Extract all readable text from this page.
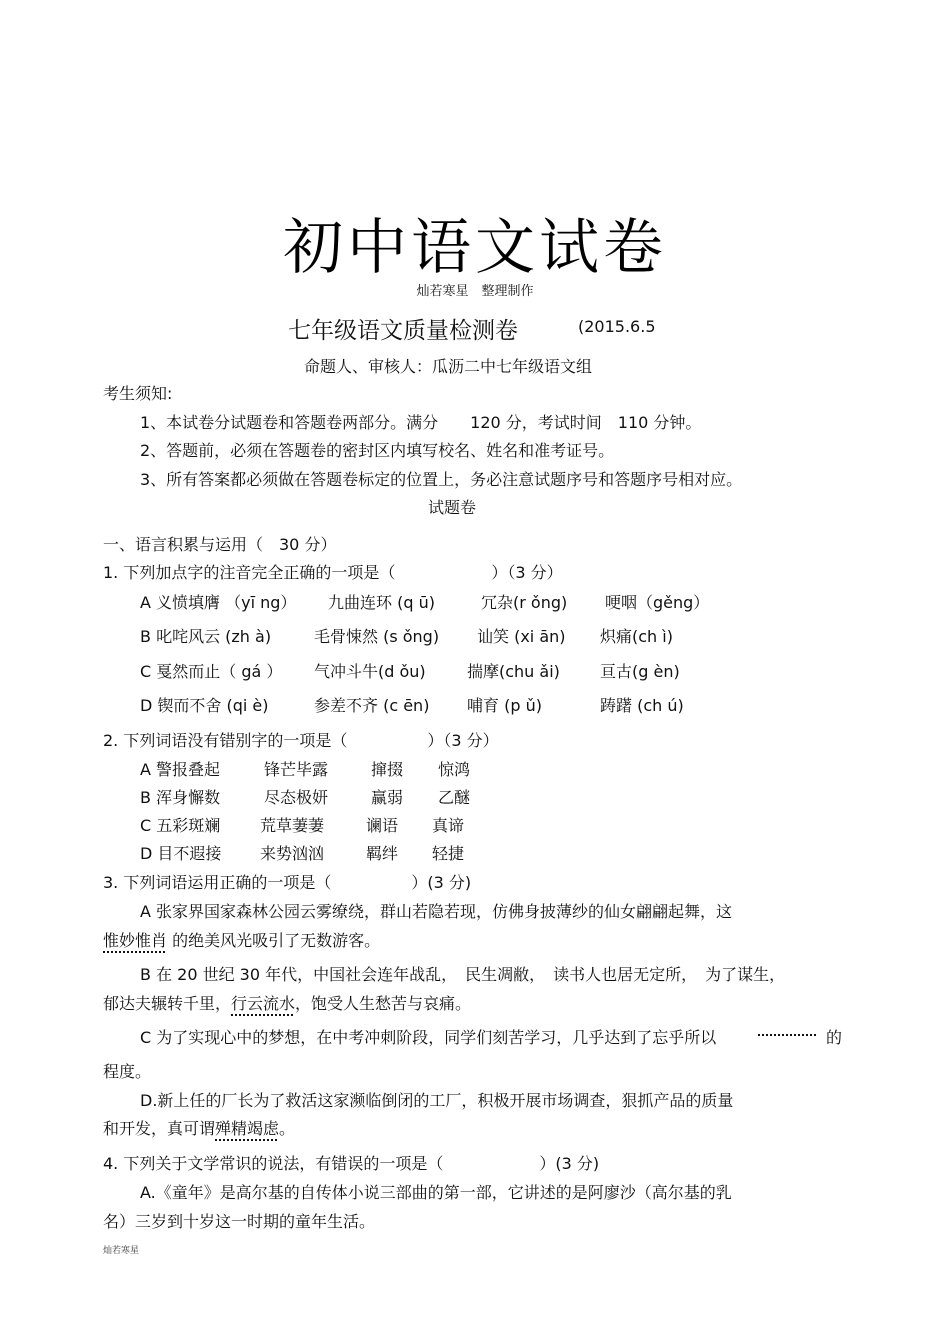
初中语文试卷
灿若寒星　整理制作
七年级语文质量检测卷	(2015.6.5
命题人、审核人：瓜沥二中七年级语文组
考生须知:
1、本试卷分试题卷和答题卷两部分。满分　　120 分，考试时间　110 分钟。
2、答题前，必须在答题卷的密封区内填写校名、姓名和准考证号。
3、所有答案都必须做在答题卷标定的位置上，务必注意试题序号和答题序号相对应。
试题卷
一、语言积累与运用（　30 分）
1. 下列加点字的注音完全正确的一项是（　　　　　　）（3 分）
A 义愤填膺 （yī ng） 九曲连环 (q ū)	冗杂(r ǒng) 哽咽（gěng）
B 叱咤风云 (zh à)	毛骨悚然 (s ǒng) 讪笑 (xi ān) 炽痛(ch ì)
C 戛然而止（ gá ） 气冲斗牛(d ǒu)	揣摩(chu ǎi)	亘古(g èn)
D 锲而不舍 (qi è)	参差不齐 (c ēn) 哺育 (p ǔ)	踌躇 (ch ú)
2. 下列词语没有错别字的一项是（　　　　　）（3 分）
A 警报叠起	锋芒毕露	撺掇 惊鸿
B 浑身懈数	尽态极妍	赢弱 乙醚
C 五彩斑斓 荒草萋萋	谰语 真谛
D 目不遐接 来势汹汹	羁绊 轻捷
3. 下列词语运用正确的一项是（　　　　　）(3 分)
A 张家界国家森林公园云雾缭绕，群山若隐若现，仿佛身披薄纱的仙女翩翩起舞，这
惟妙惟肖 的绝美风光吸引了无数游客。
B 在 20 世纪 30 年代，中国社会连年战乱，　民生凋敝，　读书人也居无定所，　为了谋生，
郁达夫辗转千里，行云流水，饱受人生愁苦与哀痛。
C 为了实现心中的梦想，在中考冲刺阶段，同学们刻苦学习，几乎达到了忘乎所以	的
程度。
D.新上任的厂长为了救活这家濒临倒闭的工厂，积极开展市场调查，狠抓产品的质量
和开发，真可谓殚精竭虑。
4. 下列关于文学常识的说法，有错误的一项是（　　　　　　）(3 分)
A.《童年》是高尔基的自传体小说三部曲的第一部，它讲述的是阿廖沙（高尔基的乳
名）三岁到十岁这一时期的童年生活。
灿若寒星
